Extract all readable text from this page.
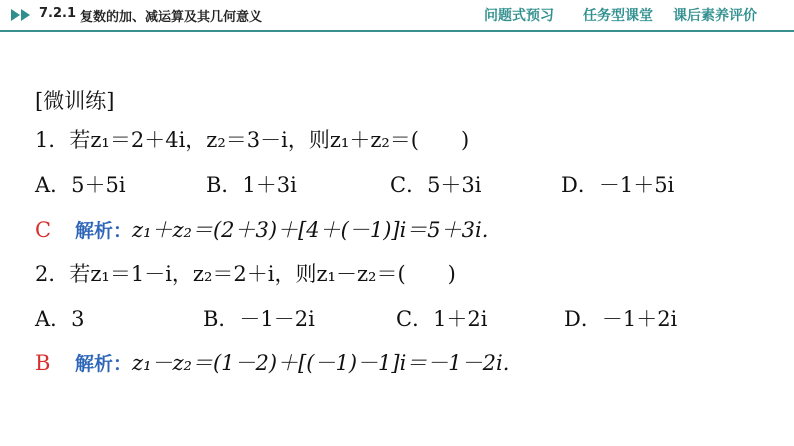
7.2.1 复数的加、减运算及其几何意义	问题式预习 任务型课堂 课后素养评价
[微训练]
1．若z₁＝2＋4i，z₂＝3－i，则z₁＋z₂＝(　　)
A．5＋5i	B．1＋3i	C．5＋3i	D．－1＋5i
C 解析：z₁＋z₂＝(2＋3)＋[4＋(－1)]i＝5＋3i.
2．若z₁＝1－i，z₂＝2＋i，则z₁－z₂＝(　　)
A．3	B．－1－2i	C．1＋2i	D．－1＋2i
B 解析：z₁－z₂＝(1－2)＋[(－1)－1]i＝－1－2i.
